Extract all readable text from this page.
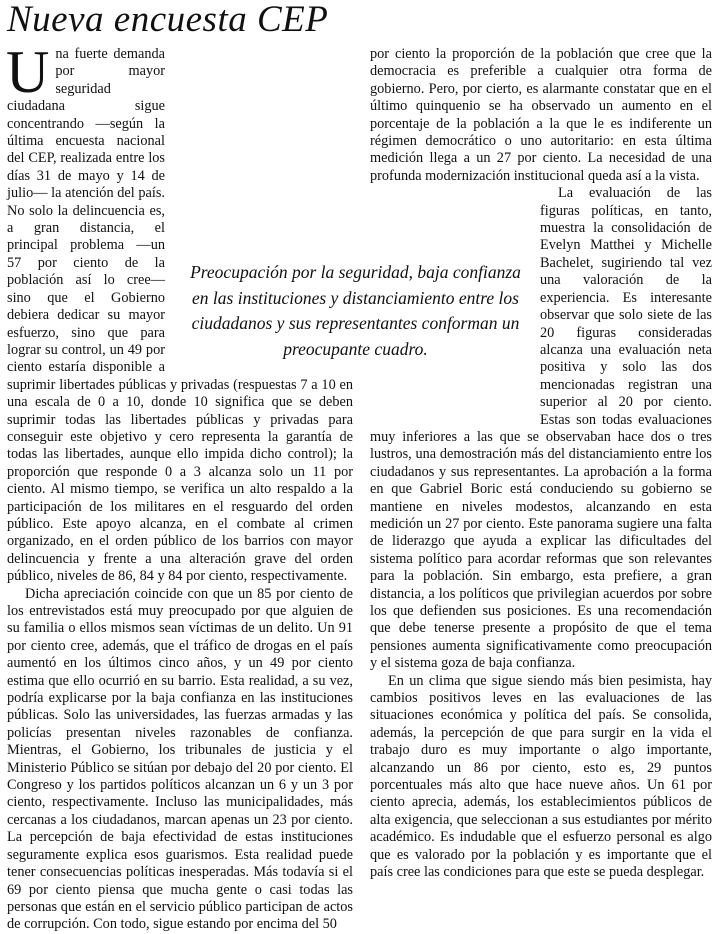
Nueva encuesta CEP

Una fuerte demanda por mayor seguridad ciudadana sigue concentrando —según la última encuesta nacional del CEP, realizada entre los días 31 de mayo y 14 de julio— la atención del país. No solo la delincuencia es, a gran distancia, el principal problema —un 57 por ciento de la población así lo cree— sino que el Gobierno debiera dedicar su mayor esfuerzo, sino que para lograr su control, un 49 por ciento estaría disponible a suprimir libertades públicas y privadas (respuestas 7 a 10 en una escala de 0 a 10, donde 10 significa que se deben suprimir todas las libertades públicas y privadas para conseguir este objetivo y cero representa la garantía de todas las libertades, aunque ello impida dicho control); la proporción que responde 0 a 3 alcanza solo un 11 por ciento. Al mismo tiempo, se verifica un alto respaldo a la participación de los militares en el resguardo del orden público. Este apoyo alcanza, en el combate al crimen organizado, en el orden público de los barrios con mayor delincuencia y frente a una alteración grave del orden público, niveles de 86, 84 y 84 por ciento, respectivamente.

Dicha apreciación coincide con que un 85 por ciento de los entrevistados está muy preocupado por que alguien de su familia o ellos mismos sean víctimas de un delito. Un 91 por ciento cree, además, que el tráfico de drogas en el país aumentó en los últimos cinco años, y un 49 por ciento estima que ello ocurrió en su barrio. Esta realidad, a su vez, podría explicarse por la baja confianza en las instituciones públicas. Solo las universidades, las fuerzas armadas y las policías presentan niveles razonables de confianza. Mientras, el Gobierno, los tribunales de justicia y el Ministerio Público se sitúan por debajo del 20 por ciento. El Congreso y los partidos políticos alcanzan un 6 y un 3 por ciento, respectivamente. Incluso las municipalidades, más cercanas a los ciudadanos, marcan apenas un 23 por ciento. La percepción de baja efectividad de estas instituciones seguramente explica esos guarismos. Esta realidad puede tener consecuencias políticas inesperadas. Más todavía si el 69 por ciento piensa que mucha gente o casi todas las personas que están en el servicio público participan de actos de corrupción. Con todo, sigue estando por encima del 50

por ciento la proporción de la población que cree que la democracia es preferible a cualquier otra forma de gobierno. Pero, por cierto, es alarmante constatar que en el último quinquenio se ha observado un aumento en el porcentaje de la población a la que le es indiferente un régimen democrático o uno autoritario: en esta última medición llega a un 27 por ciento. La necesidad de una profunda modernización institucional queda así a la vista.

La evaluación de las figuras políticas, en tanto, muestra la consolidación de Evelyn Matthei y Michelle Bachelet, sugiriendo tal vez una valoración de la experiencia. Es interesante observar que solo siete de las 20 figuras consideradas alcanza una evaluación neta positiva y solo las dos mencionadas registran una superior al 20 por ciento. Estas son todas evaluaciones muy inferiores a las que se observaban hace dos o tres lustros, una demostración más del distanciamiento entre los ciudadanos y sus representantes. La aprobación a la forma en que Gabriel Boric está conduciendo su gobierno se mantiene en niveles modestos, alcanzando en esta medición un 27 por ciento. Este panorama sugiere una falta de liderazgo que ayuda a explicar las dificultades del sistema político para acordar reformas que son relevantes para la población. Sin embargo, esta prefiere, a gran distancia, a los políticos que privilegian acuerdos por sobre los que defienden sus posiciones. Es una recomendación que debe tenerse presente a propósito de que el tema pensiones aumenta significativamente como preocupación y el sistema goza de baja confianza.

En un clima que sigue siendo más bien pesimista, hay cambios positivos leves en las evaluaciones de las situaciones económica y política del país. Se consolida, además, la percepción de que para surgir en la vida el trabajo duro es muy importante o algo importante, alcanzando un 86 por ciento, esto es, 29 puntos porcentuales más alto que hace nueve años. Un 61 por ciento aprecia, además, los establecimientos públicos de alta exigencia, que seleccionan a sus estudiantes por mérito académico. Es indudable que el esfuerzo personal es algo que es valorado por la población y es importante que el país cree las condiciones para que este se pueda desplegar.

Preocupación por la seguridad, baja confianza en las instituciones y distanciamiento entre los ciudadanos y sus representantes conforman un preocupante cuadro.
